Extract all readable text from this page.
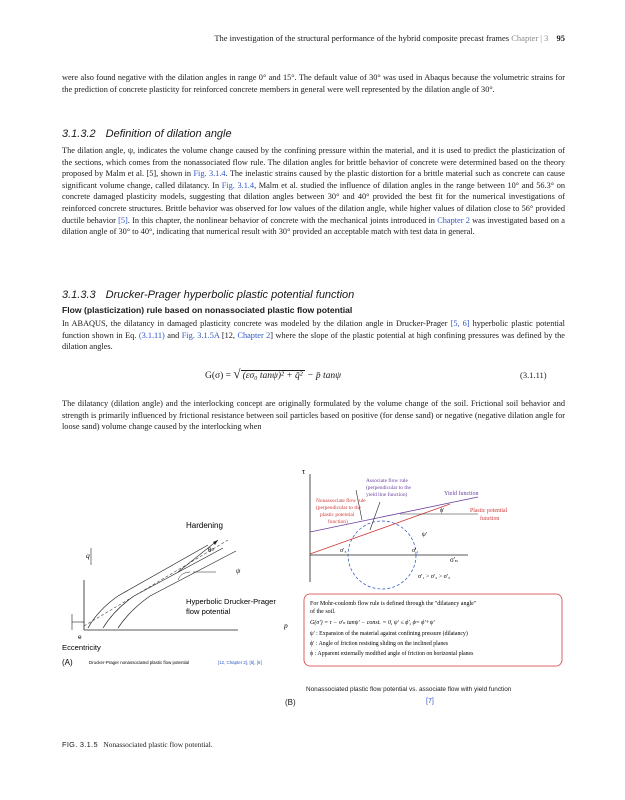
The investigation of the structural performance of the hybrid composite precast frames Chapter | 3 95
were also found negative with the dilation angles in range 0° and 15°. The default value of 30° was used in Abaqus because the volumetric strains for the prediction of concrete plasticity for reinforced concrete members in general were well represented by the dilation angle of 30°.
3.1.3.2 Definition of dilation angle
The dilation angle, ψ, indicates the volume change caused by the confining pressure within the material, and it is used to predict the plasticization of the sections, which comes from the nonassociated flow rule. The dilation angles for brittle behavior of concrete were determined based on the theory proposed by Malm et al. [5], shown in Fig. 3.1.4. The inelastic strains caused by the plastic distortion for a brittle material such as concrete can cause significant volume change, called dilatancy. In Fig. 3.1.4, Malm et al. studied the influence of dilation angles in the range between 10° and 56.3° on concrete damaged plasticity models, suggesting that dilation angles between 30° and 40° provided the best fit for the numerical investigations of reinforced concrete structures. Brittle behavior was observed for low values of the dilation angle, while higher values of dilation close to 56° provided ductile behavior [5]. In this chapter, the nonlinear behavior of concrete with the mechanical joints introduced in Chapter 2 was investigated based on a dilation angle of 30° to 40°, indicating that numerical result with 30° provided an acceptable match with test data in general.
3.1.3.3 Drucker-Prager hyperbolic plastic potential function
Flow (plasticization) rule based on nonassociated plastic flow potential
In ABAQUS, the dilatancy in damaged plasticity concrete was modeled by the dilation angle in Drucker-Prager [5, 6] hyperbolic plastic potential function shown in Eq. (3.1.11) and Fig. 3.1.5A [12, Chapter 2] where the slope of the plastic potential at high confining pressures was defined by the dilation angles.
G(σ) = √ (εσ₀ tanψ)² + q̄² − p̄ tanψ	(3.1.11)
The dilatancy (dilation angle) and the interlocking concept are originally formulated by the volume change of the soil. Frictional soil behavior and strength is primarily influenced by frictional resistance between soil particles based on positive (for dense sand) or negative (negative dilation angle for loose sand) volume change caused by the interlocking when
Hardening
θᵒ
ψ
q
Hyperbolic Drucker-Prager
flow potential
p
e
Eccentricity
(A)	Drucker-Prager nonassociated plastic flow potential	[12, Chapter 2], [5], [6]
τ
Associate flow rule
(perpendicular to the
yield line function)	Yield function
Nonassociate flow rule
(perpendicular to the
plastic potential
function)
ϕ'
ψ'
Plastic potential
function
σ'₃	σ'₁
σ'ₙ
σ'₁ > σ'₂ > σ'₃
For Mohr-coulomb flow rule is defined through the "dilatancy angle"
of the soil.
G(σ') = τ − σ'ₙ tanψ' − const. = 0, ψ' ≤ ϕ', ϕ= ϕ'+ψ'
ψ' : Expansion of the material against confining pressure (dilatancy)
ϕ' : Angle of friction resisting sliding on the inclined planes
ϕ : Apparent externally modified angle of friction on horizontal planes
Nonassociated plastic flow potential vs. associate flow with yield function
(B)	[7]
FIG. 3.1.5 Nonassociated plastic flow potential.
